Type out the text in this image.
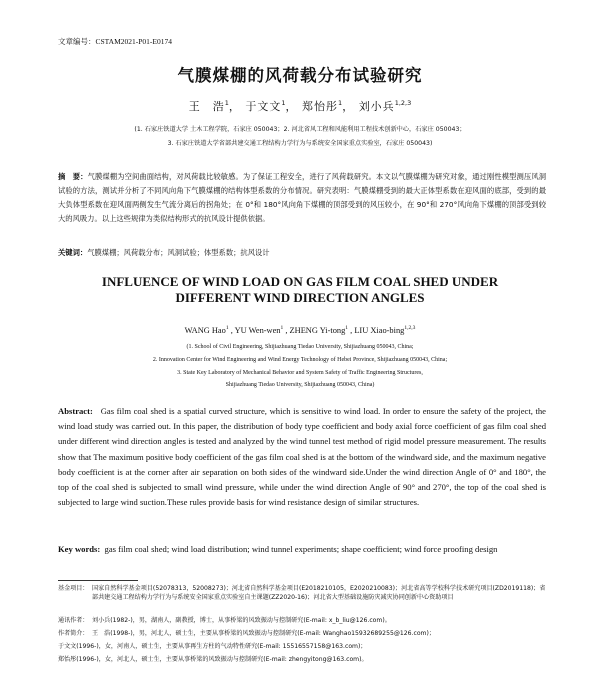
文章编号：CSTAM2021-P01-E0174
气膜煤棚的风荷载分布试验研究
王　浩$^1$， 于文文$^1$， 郑怡彤$^1$， 刘小兵$^{1,2,3}$
(1. 石家庄铁道大学 土木工程学院，石家庄 050043；2. 河北省风工程和风能利用工程技术创新中心，石家庄 050043；
3. 石家庄铁道大学省部共建交通工程结构力学行为与系统安全国家重点实验室，石家庄 050043)
摘　要：气膜煤棚为空间曲面结构，对风荷载比较敏感。为了保证工程安全，进行了风荷载研究。本文以气膜煤棚为研究对象，通过刚性模型测压风洞试验的方法，测试并分析了不同风向角下气膜煤棚的结构体型系数的分布情况。研究表明：气膜煤棚受到的最大正体型系数在迎风面的底部，受到的最大负体型系数在迎风面两侧发生气流分离后的拐角处；在 0°和 180°风向角下煤棚的顶部受到的风压较小，在 90°和 270°风向角下煤棚的顶部受到较大的风吸力。以上这些规律为类似结构形式的抗风设计提供依据。
关键词：气膜煤棚；风荷载分布；风洞试验；体型系数；抗风设计
INFLUENCE OF WIND LOAD ON GAS FILM COAL SHED UNDER
DIFFERENT WIND DIRECTION ANGLES
WANG Hao$^1$ , YU Wen-wen$^1$ , ZHENG Yi-tong$^1$ , LIU Xiao-bing$^{1,2,3}$
(1. School of Civil Engineering, Shijiazhuang Tiedao University, Shijiazhuang 050043, China;
2. Innovation Center for Wind Engineering and Wind Energy Technology of Hebei Province, Shijiazhuang 050043, China;
3. State Key Laboratory of Mechanical Behavior and System Safety of Traffic Engineering Structures,
Shijiazhuang Tiedao University, Shijiazhuang 050043, China)
Abstract: Gas film coal shed is a spatial curved structure, which is sensitive to wind load. In order to ensure the safety of the project, the wind load study was carried out. In this paper, the distribution of body type coefficient and body axial force coefficient of gas film coal shed under different wind direction angles is tested and analyzed by the wind tunnel test method of rigid model pressure measurement. The results show that The maximum positive body coefficient of the gas film coal shed is at the bottom of the windward side, and the maximum negative body coefficient is at the corner after air separation on both sides of the windward side.Under the wind direction Angle of 0° and 180°, the top of the coal shed is subjected to small wind pressure, while under the wind direction Angle of 90° and 270°, the top of the coal shed is subjected to large wind suction.These rules provide basis for wind resistance design of similar structures.
Key words: gas film coal shed; wind load distribution; wind tunnel experiments; shape coefficient; wind force proofing design
基金项目： 国家自然科学基金项目(52078313，52008273)；河北省自然科学基金项目(E2018210105，E2020210083)；河北省高等学校科学技术研究项目(ZD2019118)；省部共建交通工程结构力学行为与系统安全国家重点实验室自主课题(ZZ2020-16)；河北省大型基础设施防灾减灾协同创新中心资助项目
通讯作者： 刘小兵(1982-)，男，湖南人，副教授，博士，从事桥梁的风致振动与控制研究(E-mail: x_b_liu@126.com)。
作者简介： 王　浩(1998-)，男，河北人，硕士生，主要从事桥梁的风致振动与控制研究(E-mail: Wanghao15932689255@126.com)；
于文文(1996-)，女，河南人，硕士生，主要从事再生方柱的气动特性研究(E-mail: 15516557158@163.com)；
郑怡彤(1996-)，女，河北人，硕士生，主要从事桥梁的风致振动与控制研究(E-mail: zhengyitong@163.com)。
